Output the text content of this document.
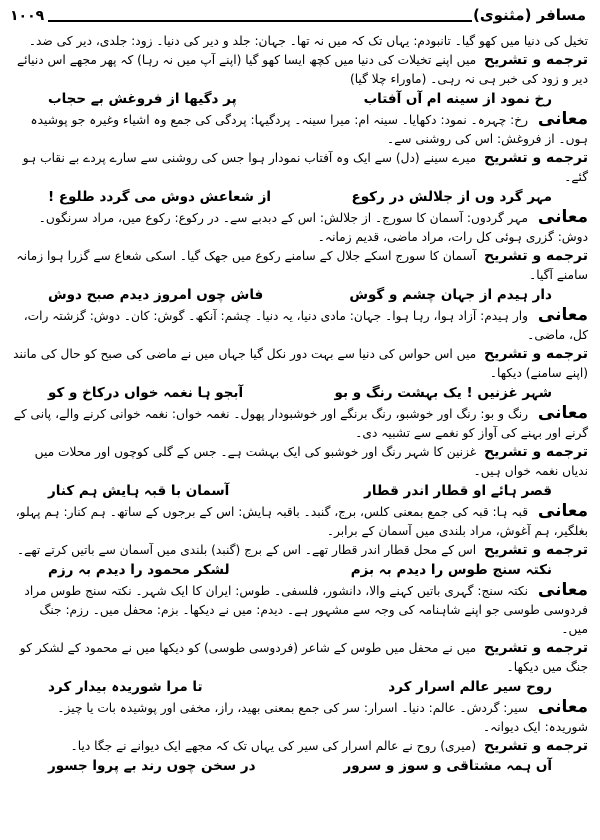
۱۰۰۹	مسافر (مثنوی)
تخیل کی دنیا میں کھو گیا۔ تانبودم: یہاں تک کہ میں نہ تھا۔ جہان: جلد و دیر کی دنیا۔ زود: جلدی، دیر کی ضد۔
ترجمه و تشریح میں اپنے تخیلات کی دنیا میں کچھ ایسا کھو گیا (اپنے آپ میں نہ رہا) کہ پھر مجھے اس دنیائے دیر و زود کی خبر ہی نہ رہی۔ (ماوراء چلا گیا)
رخ نمود از سینه ام آں آفتاب
پر دگیها از فروغش بے حجاب
معانی رخ: چہرہ۔ نمود: دکھایا۔ سینہ ام: میرا سینہ۔ پردگیہا: پردگی کی جمع وہ اشیاء وغیرہ جو پوشیدہ ہوں۔ از فروغش: اس کی روشنی سے۔
ترجمه و تشریح میرے سینے (دل) سے ایک وہ آفتاب نمودار ہوا جس کی روشنی سے سارے پردے بے نقاب ہو گئے۔
مہر گرد وں از جلالش در رکوع
از شعاعش دوش می گردد طلوع !
معانی مہر گردوں: آسمان کا سورج۔ از جلالش: اس کے دبدبے سے۔ در رکوع: رکوع میں، مراد سرنگوں۔ دوش: گزری ہوئی کل رات، مراد ماضی، قدیم زمانہ۔
ترجمه و تشریح آسمان کا سورج اسکے جلال کے سامنے رکوع میں جھک گیا۔ اسکی شعاع سے گزرا ہوا زمانہ سامنے آگیا۔
دار ہیدم از جہان چشم و گوش
فاش چوں امروز دیدم صبح دوش
معانی وار ہیدم: آزاد ہوا، رہا ہوا۔ جہان: مادی دنیا، یہ دنیا۔ چشم: آنکھ۔ گوش: کان۔ دوش: گزشتہ رات، کل، ماضی۔
ترجمه و تشریح میں اس حواس کی دنیا سے بہت دور نکل گیا جہاں میں نے ماضی کی صبح کو حال کی مانند (اپنے سامنے) دیکھا۔
شہر غزنیں ! یک بہشت رنگ و بو
آبجو ہا نغمہ خواں درکاخ و کو
معانی رنگ و بو: رنگ اور خوشبو، رنگ برنگے اور خوشبودار پھول۔ نغمہ خواں: نغمہ خوانی کرنے والے، پانی کے گرنے اور بہنے کی آواز کو نغمے سے تشبیہ دی۔
ترجمه و تشریح غزنین کا شہر رنگ اور خوشبو کی ایک بہشت ہے۔ جس کے گلی کوچوں اور محلات میں ندیاں نغمہ خواں ہیں۔
قصر ہائے او قطار اندر قطار
آسمان با قبہ ہایش ہم کنار
معانی قبہ ہا: قبہ کی جمع بمعنی کلس، برج، گنبد۔ باقبہ ہایش: اس کے برجوں کے ساتھ۔ ہم کنار: ہم پہلو، بغلگیر، ہم آغوش، مراد بلندی میں آسمان کے برابر۔
ترجمه و تشریح اس کے محل قطار اندر قطار تھے۔ اس کے برج (گنبد) بلندی میں آسمان سے باتیں کرتے تھے۔
نکتہ سنج طوس را دیدم بہ بزم
لشکر محمود را دیدم بہ رزم
معانی نکتہ سنج: گہری باتیں کہنے والا، دانشور، فلسفی۔ طوس: ایران کا ایک شہر۔ نکتہ سنج طوس مراد فردوسی طوسی جو اپنے شاہنامہ کی وجہ سے مشہور ہے۔ دیدم: میں نے دیکھا۔ بزم: محفل میں۔ رزم: جنگ میں۔
ترجمه و تشریح میں نے محفل میں طوس کے شاعر (فردوسی طوسی) کو دیکھا میں نے محمود کے لشکر کو جنگ میں دیکھا۔
روح سیر عالم اسرار کرد
تا مرا شوریدہ بیدار کرد
معانی سیر: گردش۔ عالم: دنیا۔ اسرار: سر کی جمع بمعنی بھید، راز، مخفی اور پوشیدہ بات یا چیز۔ شوریدہ: ایک دیوانہ۔
ترجمه و تشریح (میری) روح نے عالم اسرار کی سیر کی یہاں تک کہ مجھے ایک دیوانے نے جگا دیا۔
آں ہمہ مشتاقی و سوز و سرور
در سخن چوں رند بے پروا جسور
